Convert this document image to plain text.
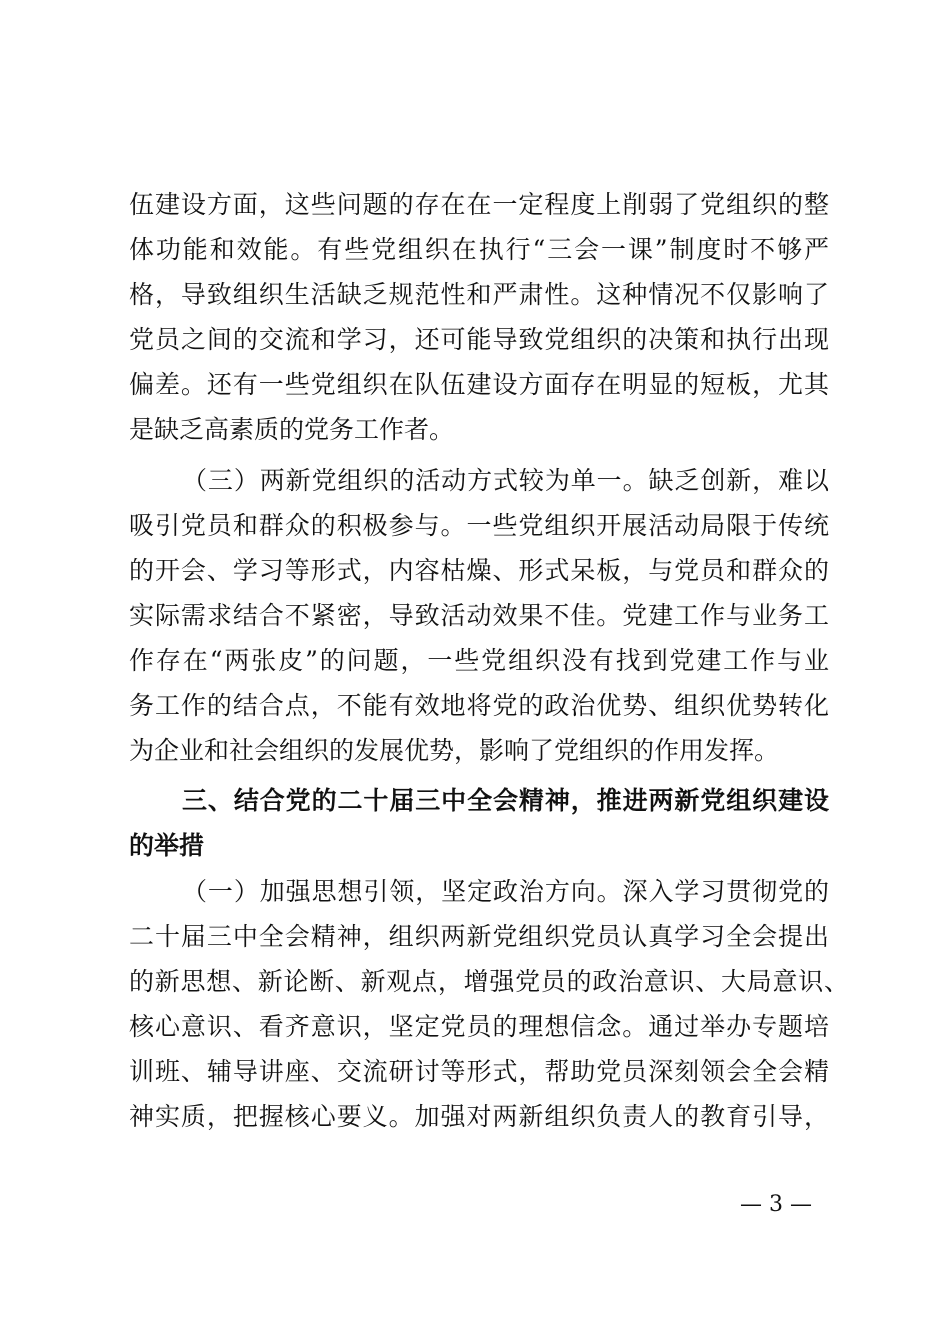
伍建设方面，这些问题的存在在一定程度上削弱了党组织的整
体功能和效能。有些党组织在执行“三会一课”制度时不够严
格，导致组织生活缺乏规范性和严肃性。这种情况不仅影响了
党员之间的交流和学习，还可能导致党组织的决策和执行出现
偏差。还有一些党组织在队伍建设方面存在明显的短板，尤其
是缺乏高素质的党务工作者。
（三）两新党组织的活动方式较为单一。缺乏创新，难以
吸引党员和群众的积极参与。一些党组织开展活动局限于传统
的开会、学习等形式，内容枯燥、形式呆板，与党员和群众的
实际需求结合不紧密，导致活动效果不佳。党建工作与业务工
作存在“两张皮”的问题，一些党组织没有找到党建工作与业
务工作的结合点，不能有效地将党的政治优势、组织优势转化
为企业和社会组织的发展优势，影响了党组织的作用发挥。
三、结合党的二十届三中全会精神，推进两新党组织建设
的举措
（一）加强思想引领，坚定政治方向。深入学习贯彻党的
二十届三中全会精神，组织两新党组织党员认真学习全会提出
的新思想、新论断、新观点，增强党员的政治意识、大局意识、
核心意识、看齐意识，坚定党员的理想信念。通过举办专题培
训班、辅导讲座、交流研讨等形式，帮助党员深刻领会全会精
神实质，把握核心要义。加强对两新组织负责人的教育引导，
— 3 —
